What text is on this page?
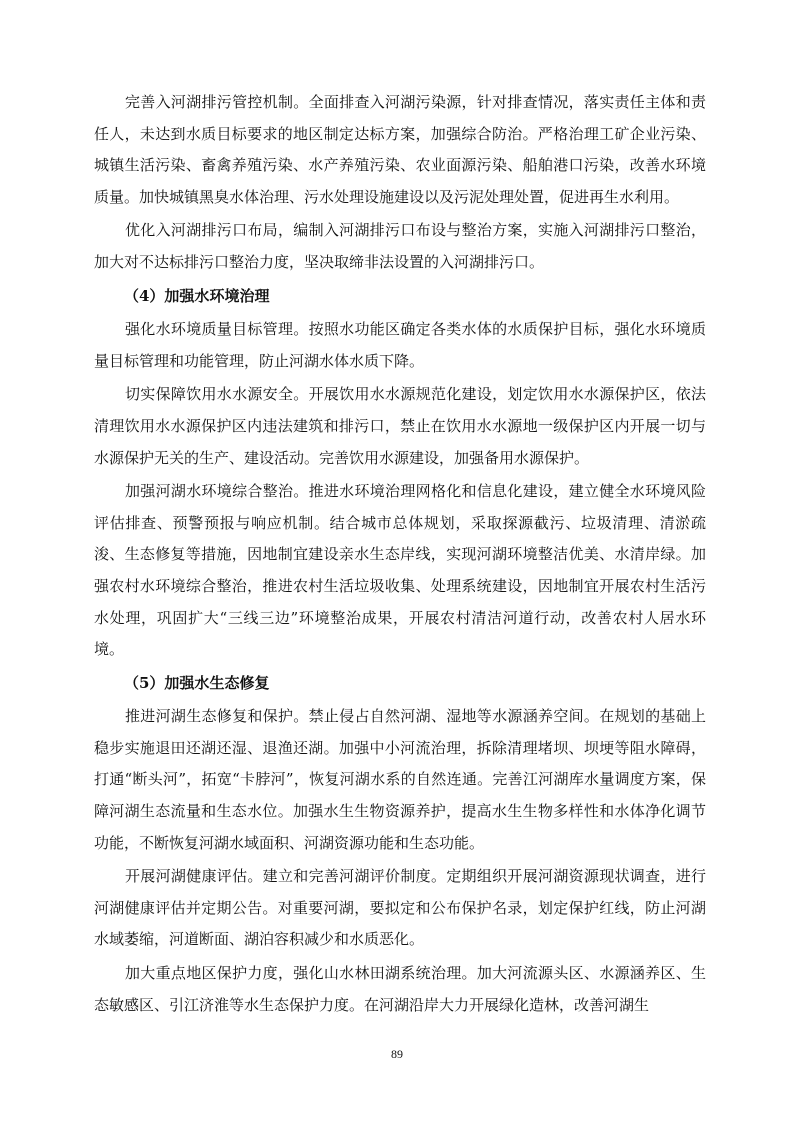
完善入河湖排污管控机制。全面排查入河湖污染源，针对排查情况，落实责任主体和责任人，未达到水质目标要求的地区制定达标方案，加强综合防治。严格治理工矿企业污染、城镇生活污染、畜禽养殖污染、水产养殖污染、农业面源污染、船舶港口污染，改善水环境质量。加快城镇黑臭水体治理、污水处理设施建设以及污泥处理处置，促进再生水利用。

优化入河湖排污口布局，编制入河湖排污口布设与整治方案，实施入河湖排污口整治，加大对不达标排污口整治力度，坚决取缔非法设置的入河湖排污口。

（4）加强水环境治理

强化水环境质量目标管理。按照水功能区确定各类水体的水质保护目标，强化水环境质量目标管理和功能管理，防止河湖水体水质下降。

切实保障饮用水水源安全。开展饮用水水源规范化建设，划定饮用水水源保护区，依法清理饮用水水源保护区内违法建筑和排污口，禁止在饮用水水源地一级保护区内开展一切与水源保护无关的生产、建设活动。完善饮用水源建设，加强备用水源保护。

加强河湖水环境综合整治。推进水环境治理网格化和信息化建设，建立健全水环境风险评估排查、预警预报与响应机制。结合城市总体规划，采取探源截污、垃圾清理、清淤疏浚、生态修复等措施，因地制宜建设亲水生态岸线，实现河湖环境整洁优美、水清岸绿。加强农村水环境综合整治，推进农村生活垃圾收集、处理系统建设，因地制宜开展农村生活污水处理，巩固扩大“三线三边”环境整治成果，开展农村清洁河道行动，改善农村人居水环境。

（5）加强水生态修复

推进河湖生态修复和保护。禁止侵占自然河湖、湿地等水源涵养空间。在规划的基础上稳步实施退田还湖还湿、退渔还湖。加强中小河流治理，拆除清理堵坝、坝埂等阻水障碍，打通“断头河”，拓宽“卡脖河”，恢复河湖水系的自然连通。完善江河湖库水量调度方案，保障河湖生态流量和生态水位。加强水生生物资源养护，提高水生生物多样性和水体净化调节功能，不断恢复河湖水域面积、河湖资源功能和生态功能。

开展河湖健康评估。建立和完善河湖评价制度。定期组织开展河湖资源现状调查，进行河湖健康评估并定期公告。对重要河湖，要拟定和公布保护名录，划定保护红线，防止河湖水域萎缩，河道断面、湖泊容积减少和水质恶化。

加大重点地区保护力度，强化山水林田湖系统治理。加大河流源头区、水源涵养区、生态敏感区、引江济淮等水生态保护力度。在河湖沿岸大力开展绿化造林，改善河湖生

89
